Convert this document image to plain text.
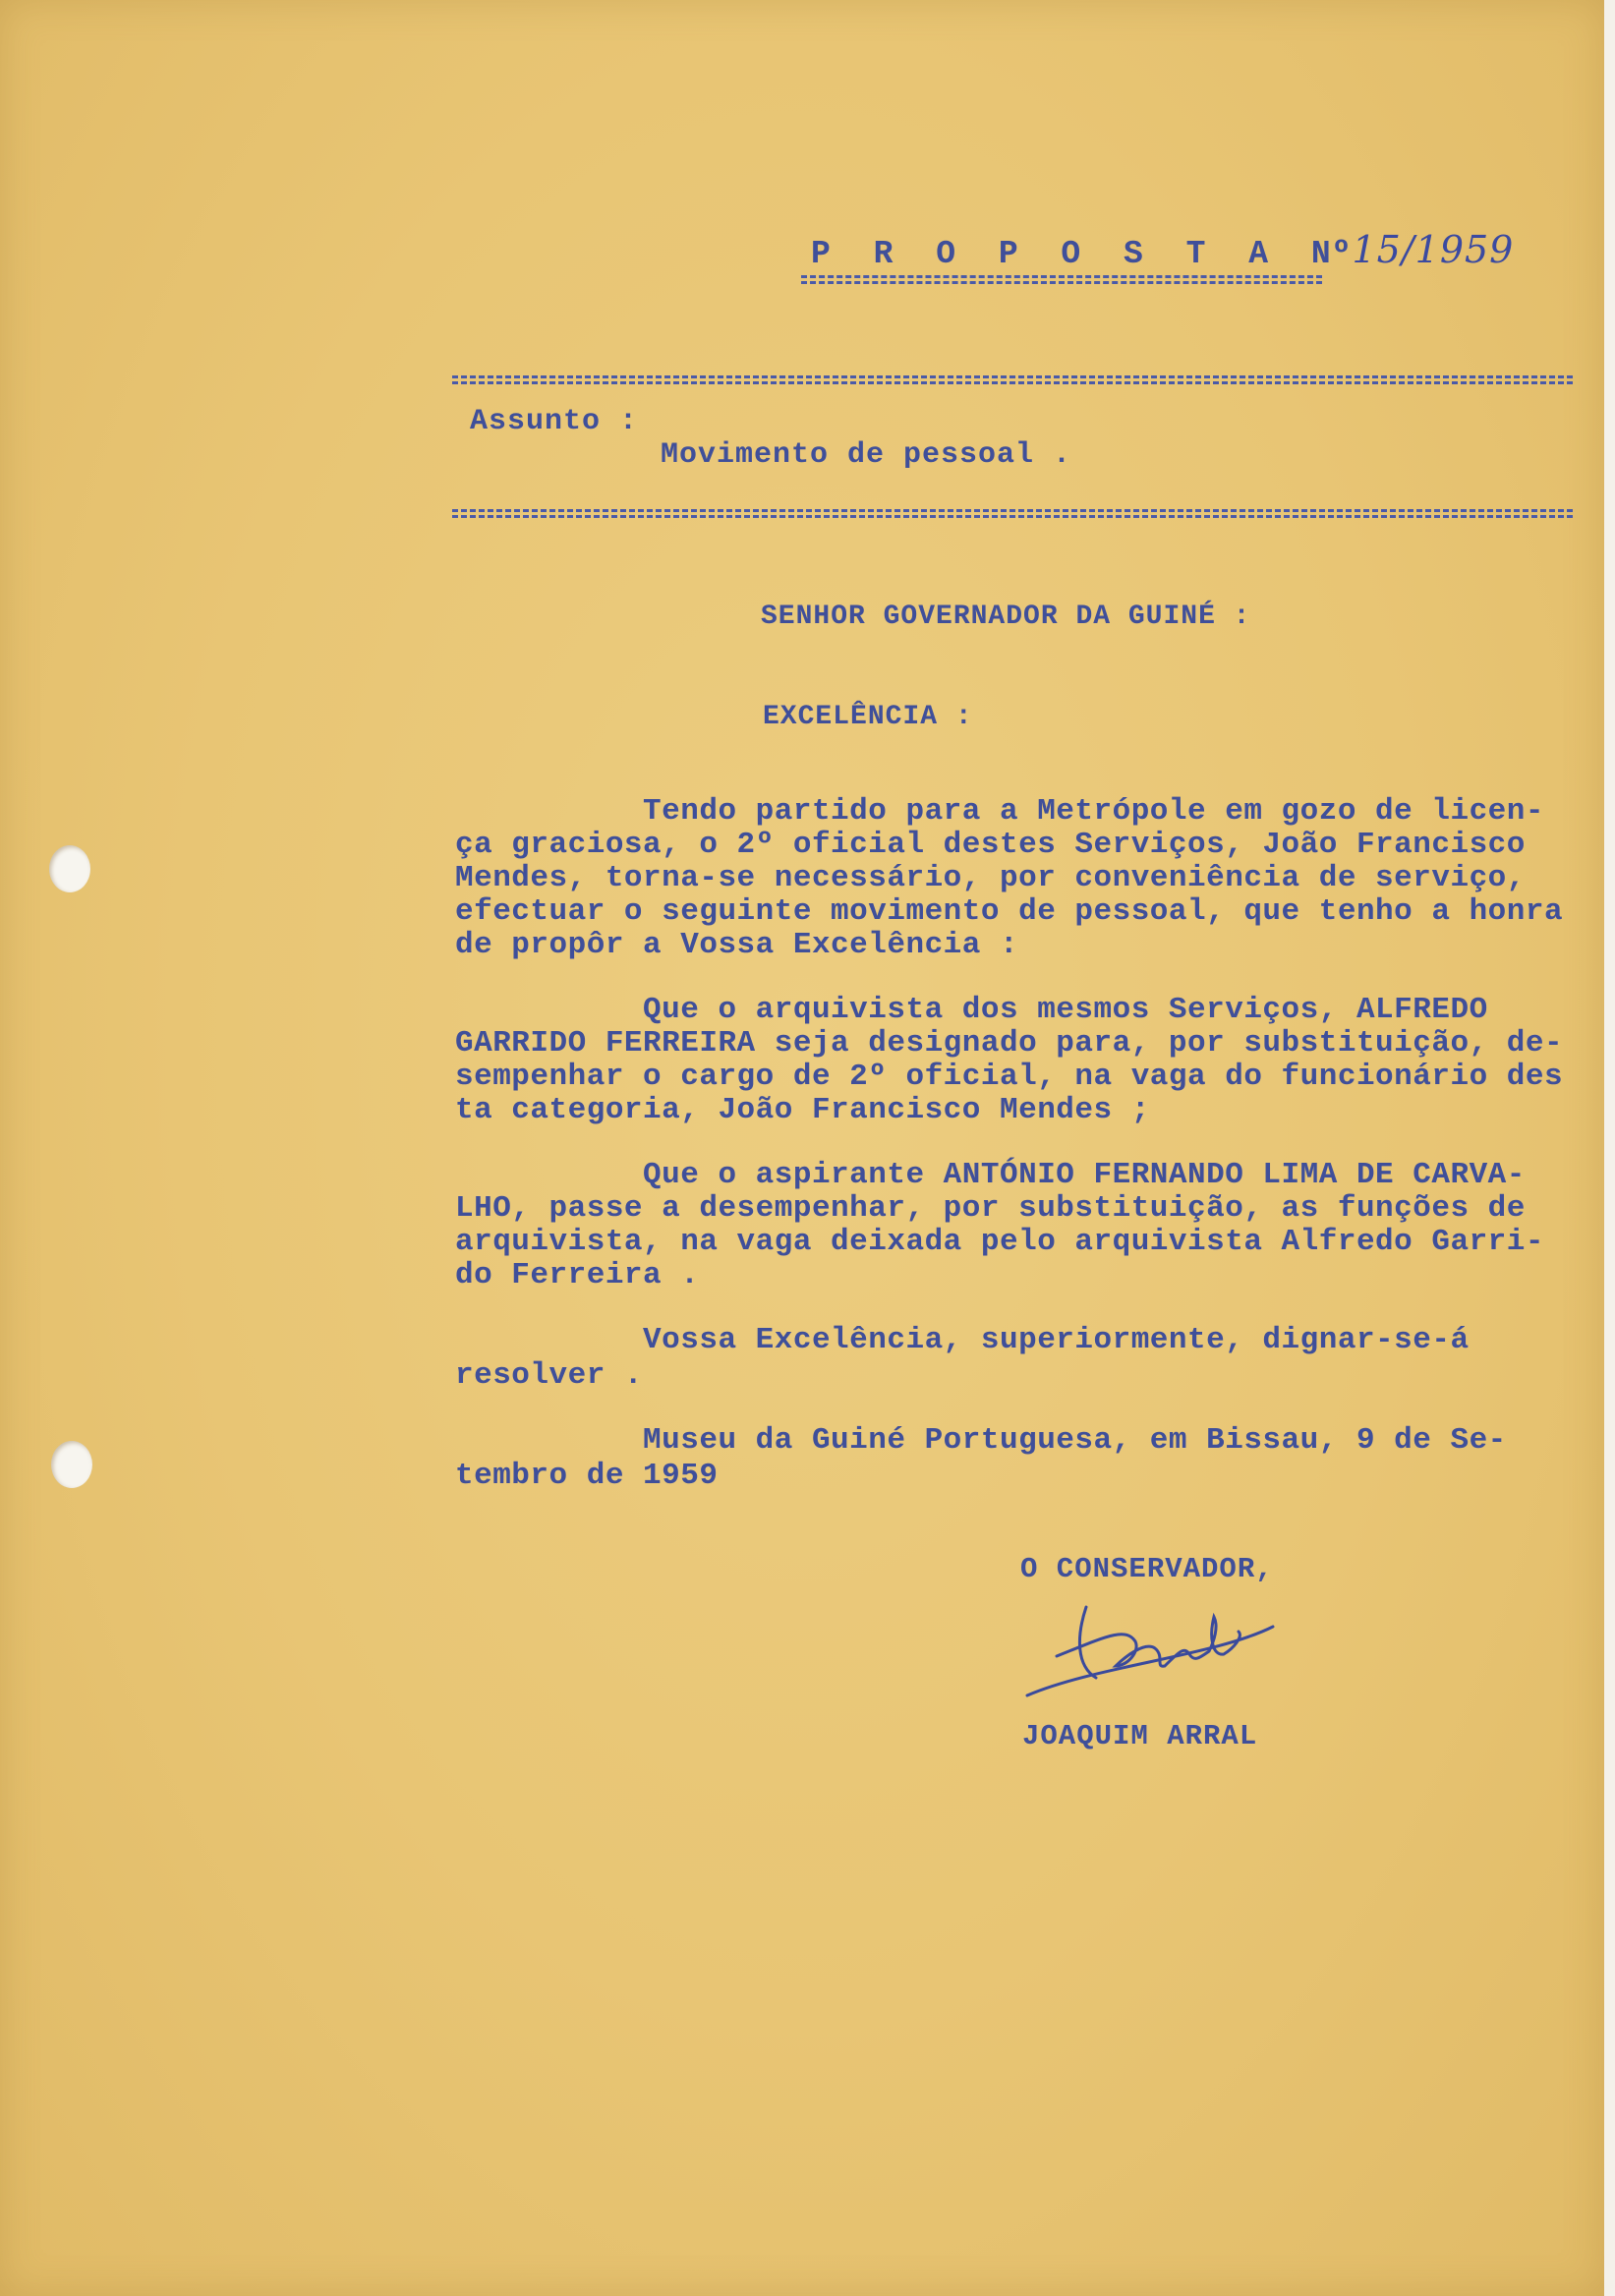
P R O P O S T A Nº15/1959
Assunto :
Movimento de pessoal .
SENHOR GOVERNADOR DA GUINÉ :
EXCELÊNCIA :
Tendo partido para a Metrópole em gozo de licen-
ça graciosa, o 2º oficial destes Serviços, João Francisco
Mendes, torna-se necessário, por conveniência de serviço,
efectuar o seguinte movimento de pessoal, que tenho a honra
de propôr a Vossa Excelência :
Que o arquivista dos mesmos Serviços, ALFREDO
GARRIDO FERREIRA seja designado para, por substituição, de-
sempenhar o cargo de 2º oficial, na vaga do funcionário des
ta categoria, João Francisco Mendes ;
Que o aspirante ANTÓNIO FERNANDO LIMA DE CARVA-
LHO, passe a desempenhar, por substituição, as funções de
arquivista, na vaga deixada pelo arquivista Alfredo Garri-
do Ferreira .
Vossa Excelência, superiormente, dignar-se-á
resolver .
Museu da Guiné Portuguesa, em Bissau, 9 de Se-
tembro de 1959
O CONSERVADOR,
JOAQUIM ARRAL
